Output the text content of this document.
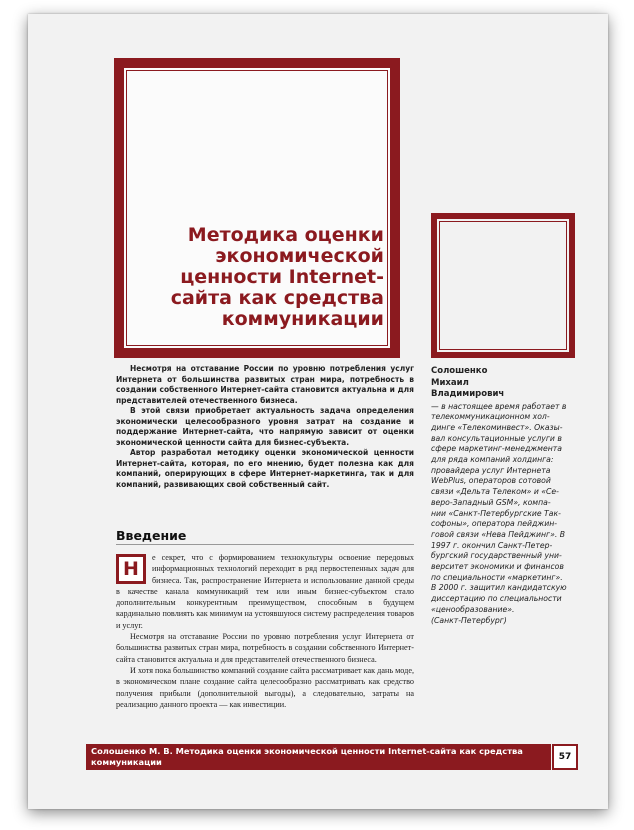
Методика оценки
экономической
ценности Internet-
сайта как средства
коммуникации

Несмотря на отставание России по уровню потребления услуг Интернета от большинства развитых стран мира, потребность в создании собственного Интернет-сайта становится актуальна и для представителей отечественного бизнеса.

В этой связи приобретает актуальность задача определения экономически целесообразного уровня затрат на создание и поддержание Интернет-сайта, что напрямую зависит от оценки экономической ценности сайта для бизнес-субъекта.

Автор разработал методику оценки экономической ценности Интернет-сайта, которая, по его мнению, будет полезна как для компаний, оперирующих в сфере Интернет-маркетинга, так и для компаний, развивающих свой собственный сайт.

Введение
Н

е секрет, что с формированием технокультуры освоение передовых информационных технологий переходит в ряд первостепенных задач для бизнеса. Так, распространение Интернета и использование данной среды в качестве канала коммуникаций тем или иным бизнес-субъектом стало дополнительным конкурентным преимуществом, способным в будущем кардинально повлиять как минимум на устоявшуюся систему распределения товаров и услуг.

Несмотря на отставание России по уровню потребления услуг Интернета от большинства развитых стран мира, потребность в создании собственного Интернет-сайта становится актуальна и для представителей отечественного бизнеса.

И хотя пока большинство компаний создание сайта рассматривает как дань моде, в экономическом плане создание сайта целесообразно рассматривать как средство получения прибыли (дополнительной выгоды), а следовательно, затраты на реализацию данного проекта — как инвестиции.

Солошенко
Михаил
Владимирович
— в настоящее время работает в
телекоммуникационном хол-
динге «Телекоминвест». Оказы-
вал консультационные услуги в
сфере маркетинг-менеджмента
для ряда компаний холдинга:
провайдера услуг Интернета
WebPlus, операторов сотовой
связи «Дельта Телеком» и «Се-
веро-Западный GSM», компа-
нии «Санкт-Петербургские Так-
софоны», оператора пейджин-
говой связи «Нева Пейджинг». В
1997 г. окончил Санкт-Петер-
бургский государственный уни-
верситет экономики и финансов
по специальности «маркетинг».
В 2000 г. защитил кандидатскую
диссертацию по специальности
«ценообразование».
(Санкт-Петербург)
Солошенко М. В. Методика оценки экономической ценности Internet-сайта как средства коммуникации	57
